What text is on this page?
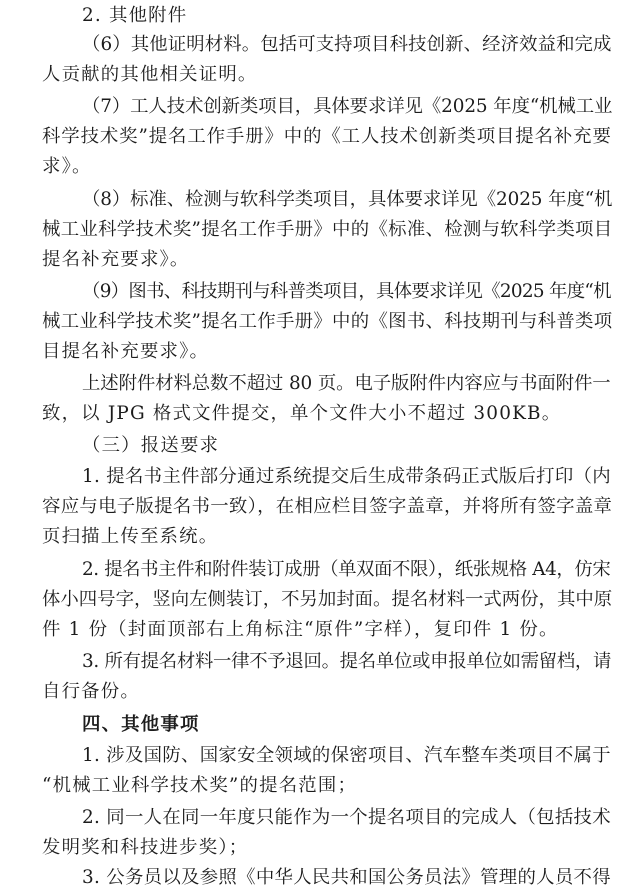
2. 其他附件
（6）其他证明材料。包括可支持项目科技创新、经济效益和完成
人贡献的其他相关证明。
（7）工人技术创新类项目，具体要求详见《2025 年度“机械工业
科学技术奖”提名工作手册》中的《工人技术创新类项目提名补充要
求》。
（8）标准、检测与软科学类项目，具体要求详见《2025 年度“机
械工业科学技术奖”提名工作手册》中的《标准、检测与软科学类项目
提名补充要求》。
（9）图书、科技期刊与科普类项目，具体要求详见《2025 年度“机
械工业科学技术奖”提名工作手册》中的《图书、科技期刊与科普类项
目提名补充要求》。
上述附件材料总数不超过 80 页。电子版附件内容应与书面附件一
致，以 JPG 格式文件提交，单个文件大小不超过 300KB。
（三）报送要求
1. 提名书主件部分通过系统提交后生成带条码正式版后打印（内
容应与电子版提名书一致），在相应栏目签字盖章，并将所有签字盖章
页扫描上传至系统。
2. 提名书主件和附件装订成册（单双面不限），纸张规格 A4，仿宋
体小四号字，竖向左侧装订，不另加封面。提名材料一式两份，其中原
件 1 份（封面顶部右上角标注“原件”字样），复印件 1 份。
3. 所有提名材料一律不予退回。提名单位或申报单位如需留档，请
自行备份。
四、其他事项
1. 涉及国防、国家安全领域的保密项目、汽车整车类项目不属于
“机械工业科学技术奖”的提名范围；
2. 同一人在同一年度只能作为一个提名项目的完成人（包括技术
发明奖和科技进步奖）；
3. 公务员以及参照《中华人民共和国公务员法》管理的人员不得
